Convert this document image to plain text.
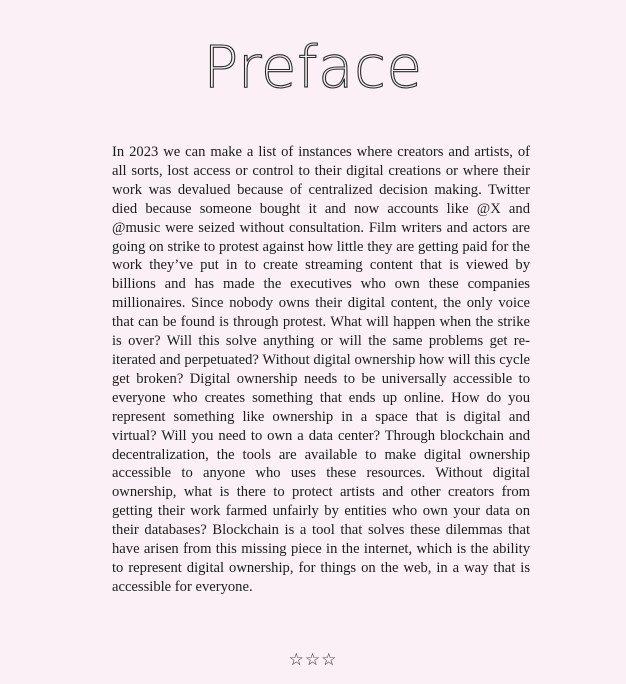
Preface

In 2023 we can make a list of instances where creators and artists, of all sorts, lost access or control to their digital creations or where their work was devalued because of centralized decision making. Twitter died because someone bought it and now accounts like @X and @music were seized without consultation. Film writers and actors are going on strike to protest against how little they are getting paid for the work they’ve put in to create streaming content that is viewed by billions and has made the executives who own these companies millionaires. Since nobody owns their digital content, the only voice that can be found is through protest. What will happen when the strike is over? Will this solve anything or will the same problems get re-iterated and perpetuated? Without digital ownership how will this cycle get broken? Digital ownership needs to be universally accessible to everyone who creates something that ends up online. How do you represent something like ownership in a space that is digital and virtual? Will you need to own a data center? Through blockchain and decentralization, the tools are available to make digital ownership accessible to anyone who uses these resources. Without digital ownership, what is there to protect artists and other creators from getting their work farmed unfairly by entities who own your data on their databases? Blockchain is a tool that solves these dilemmas that have arisen from this missing piece in the internet, which is the ability to represent digital ownership, for things on the web, in a way that is accessible for everyone.

☆☆☆
